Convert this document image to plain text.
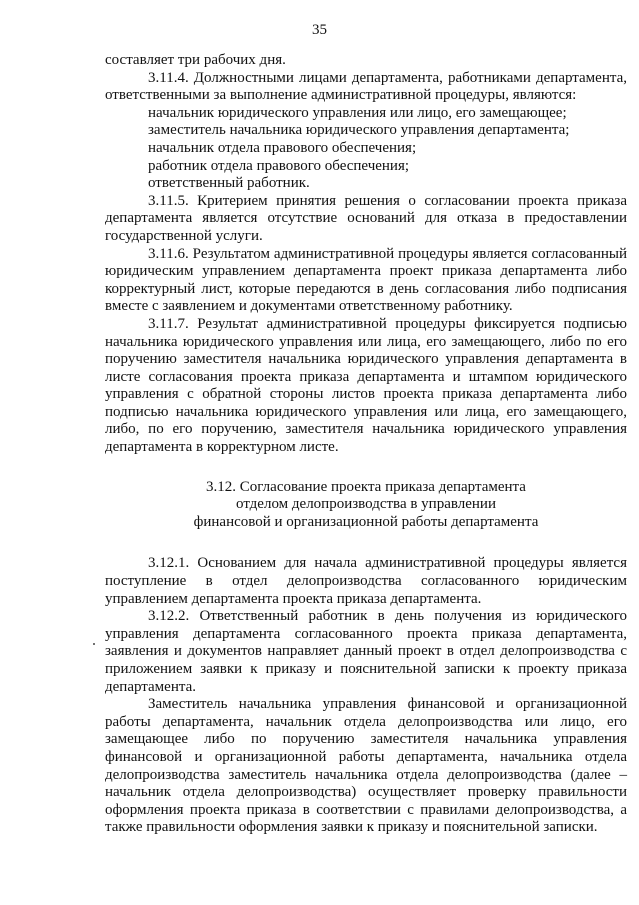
35

составляет три рабочих дня.

3.11.4. Должностными лицами департамента, работниками департамента, ответственными за выполнение административной процедуры, являются:

начальник юридического управления или лицо, его замещающее;

заместитель начальника юридического управления департамента;

начальник отдела правового обеспечения;

работник отдела правового обеспечения;

ответственный работник.

3.11.5. Критерием принятия решения о согласовании проекта приказа департамента является отсутствие оснований для отказа в предоставлении государственной услуги.

3.11.6. Результатом административной процедуры является согласованный юридическим управлением департамента проект приказа департамента либо корректурный лист, которые передаются в день согласования либо подписания вместе с заявлением и документами ответственному работнику.

3.11.7. Результат административной процедуры фиксируется подписью начальника юридического управления или лица, его замещающего, либо по его поручению заместителя начальника юридического управления департамента в листе согласования проекта приказа департамента и штампом юридического управления с обратной стороны листов проекта приказа департамента либо подписью начальника юридического управления или лица, его замещающего, либо, по его поручению, заместителя начальника юридического управления департамента в корректурном листе.

3.12. Согласование проекта приказа департамента

отделом делопроизводства в управлении

финансовой и организационной работы департамента

3.12.1. Основанием для начала административной процедуры является поступление в отдел делопроизводства согласованного юридическим управлением департамента проекта приказа департамента.

3.12.2. Ответственный работник в день получения из юридического управления департамента согласованного проекта приказа департамента, заявления и документов направляет данный проект в отдел делопроизводства с приложением заявки к приказу и пояснительной записки к проекту приказа департамента.

Заместитель начальника управления финансовой и организационной работы департамента, начальник отдела делопроизводства или лицо, его замещающее либо по поручению заместителя начальника управления финансовой и организационной работы департамента, начальника отдела делопроизводства заместитель начальника отдела делопроизводства (далее – начальник отдела делопроизводства) осуществляет проверку правильности оформления проекта приказа в соответствии с правилами делопроизводства, а также правильности оформления заявки к приказу и пояснительной записки.
